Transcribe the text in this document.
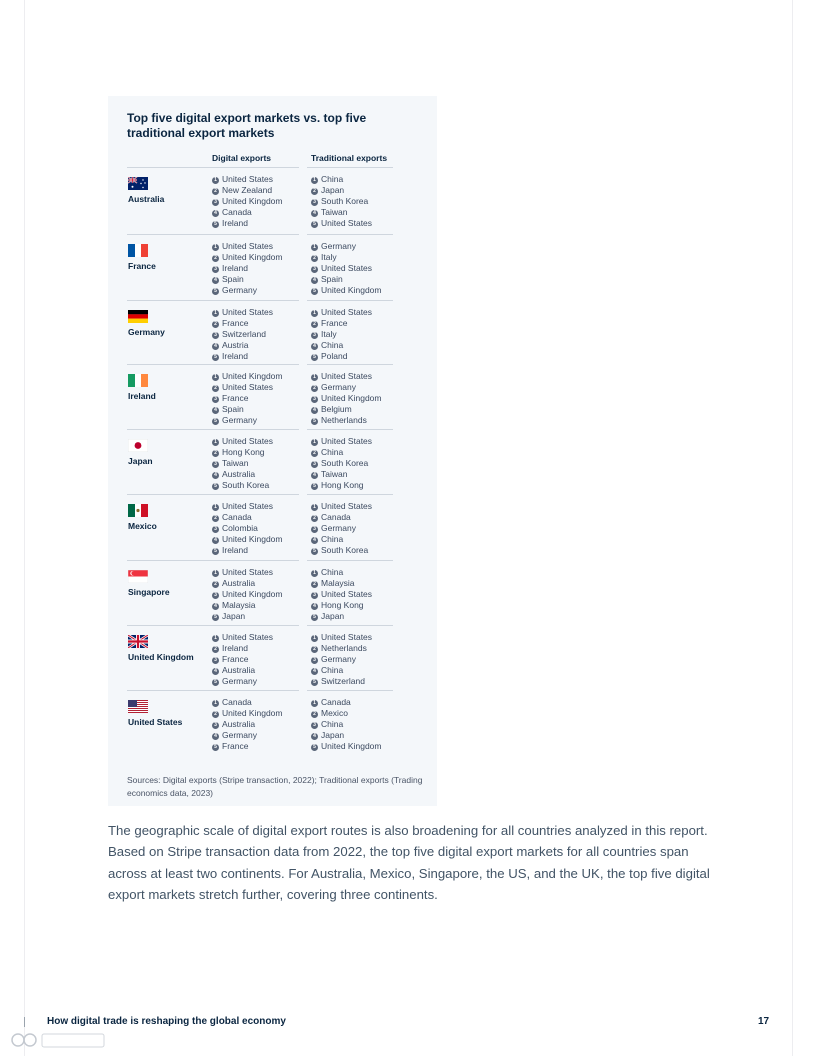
Top five digital export markets vs. top five traditional export markets
Digital exports	Traditional exports
Australia
1 United States
2 New Zealand
3 United Kingdom
4 Canada
5 Ireland
1 China
2 Japan
3 South Korea
4 Taiwan
5 United States
France
1 United States
2 United Kingdom
3 Ireland
4 Spain
5 Germany
1 Germany
2 Italy
3 United States
4 Spain
5 United Kingdom
Germany
1 United States
2 France
3 Switzerland
4 Austria
5 Ireland
1 United States
2 France
3 Italy
4 China
5 Poland
Ireland
1 United Kingdom
2 United States
3 France
4 Spain
5 Germany
1 United States
2 Germany
3 United Kingdom
4 Belgium
5 Netherlands
Japan
1 United States
2 Hong Kong
3 Taiwan
4 Australia
5 South Korea
1 United States
2 China
3 South Korea
4 Taiwan
5 Hong Kong
Mexico
1 United States
2 Canada
3 Colombia
4 United Kingdom
5 Ireland
1 United States
2 Canada
3 Germany
4 China
5 South Korea
Singapore
1 United States
2 Australia
3 United Kingdom
4 Malaysia
5 Japan
1 China
2 Malaysia
3 United States
4 Hong Kong
5 Japan
United Kingdom
1 United States
2 Ireland
3 France
4 Australia
5 Germany
1 United States
2 Netherlands
3 Germany
4 China
5 Switzerland
United States
1 Canada
2 United Kingdom
3 Australia
4 Germany
5 France
1 Canada
2 Mexico
3 China
4 Japan
5 United Kingdom

Sources: Digital exports (Stripe transaction, 2022); Traditional exports (Trading economics data, 2023)

The geographic scale of digital export routes is also broadening for all countries analyzed in this report. Based on Stripe transaction data from 2022, the top five digital export markets for all countries span across at least two continents. For Australia, Mexico, Singapore, the US, and the UK, the top five digital export markets stretch further, covering three continents.

How digital trade is reshaping the global economy	17
